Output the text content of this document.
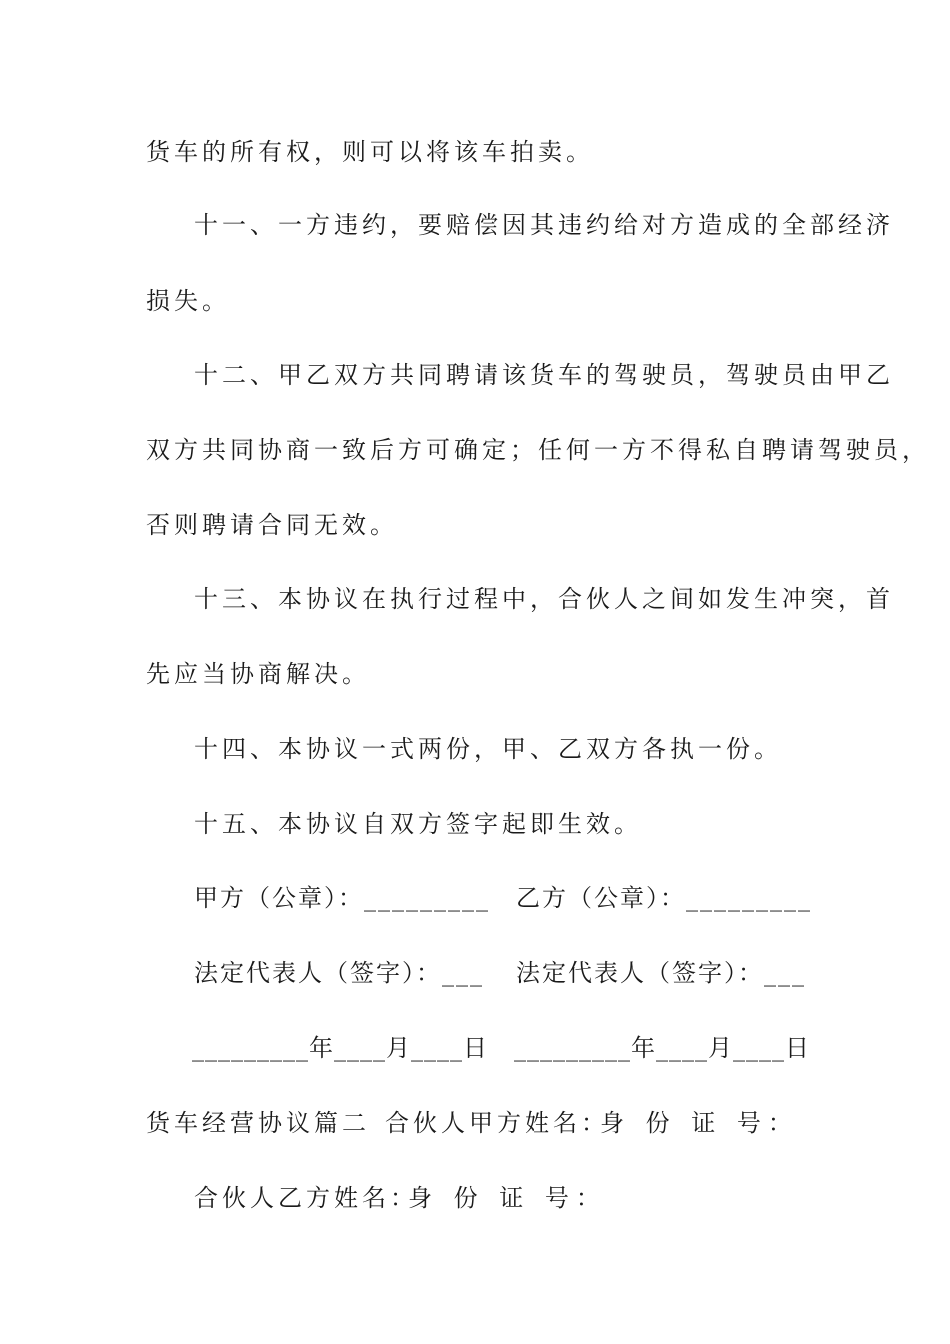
货车的所有权，则可以将该车拍卖。
十一、一方违约，要赔偿因其违约给对方造成的全部经济
损失。
十二、甲乙双方共同聘请该货车的驾驶员，驾驶员由甲乙
双方共同协商一致后方可确定；任何一方不得私自聘请驾驶员，
否则聘请合同无效。
十三、本协议在执行过程中，合伙人之间如发生冲突，首
先应当协商解决。
十四、本协议一式两份，甲、乙双方各执一份。
十五、本协议自双方签字起即生效。
甲方（公章）：_________ 乙方（公章）：_________
法定代表人（签字）：___ 法定代表人（签字）：___
_________年____月____日 _________年____月____日
货车经营协议篇二 合伙人甲方姓名：
身 份 证 号：
合伙人乙方姓名：
身 份 证 号：
